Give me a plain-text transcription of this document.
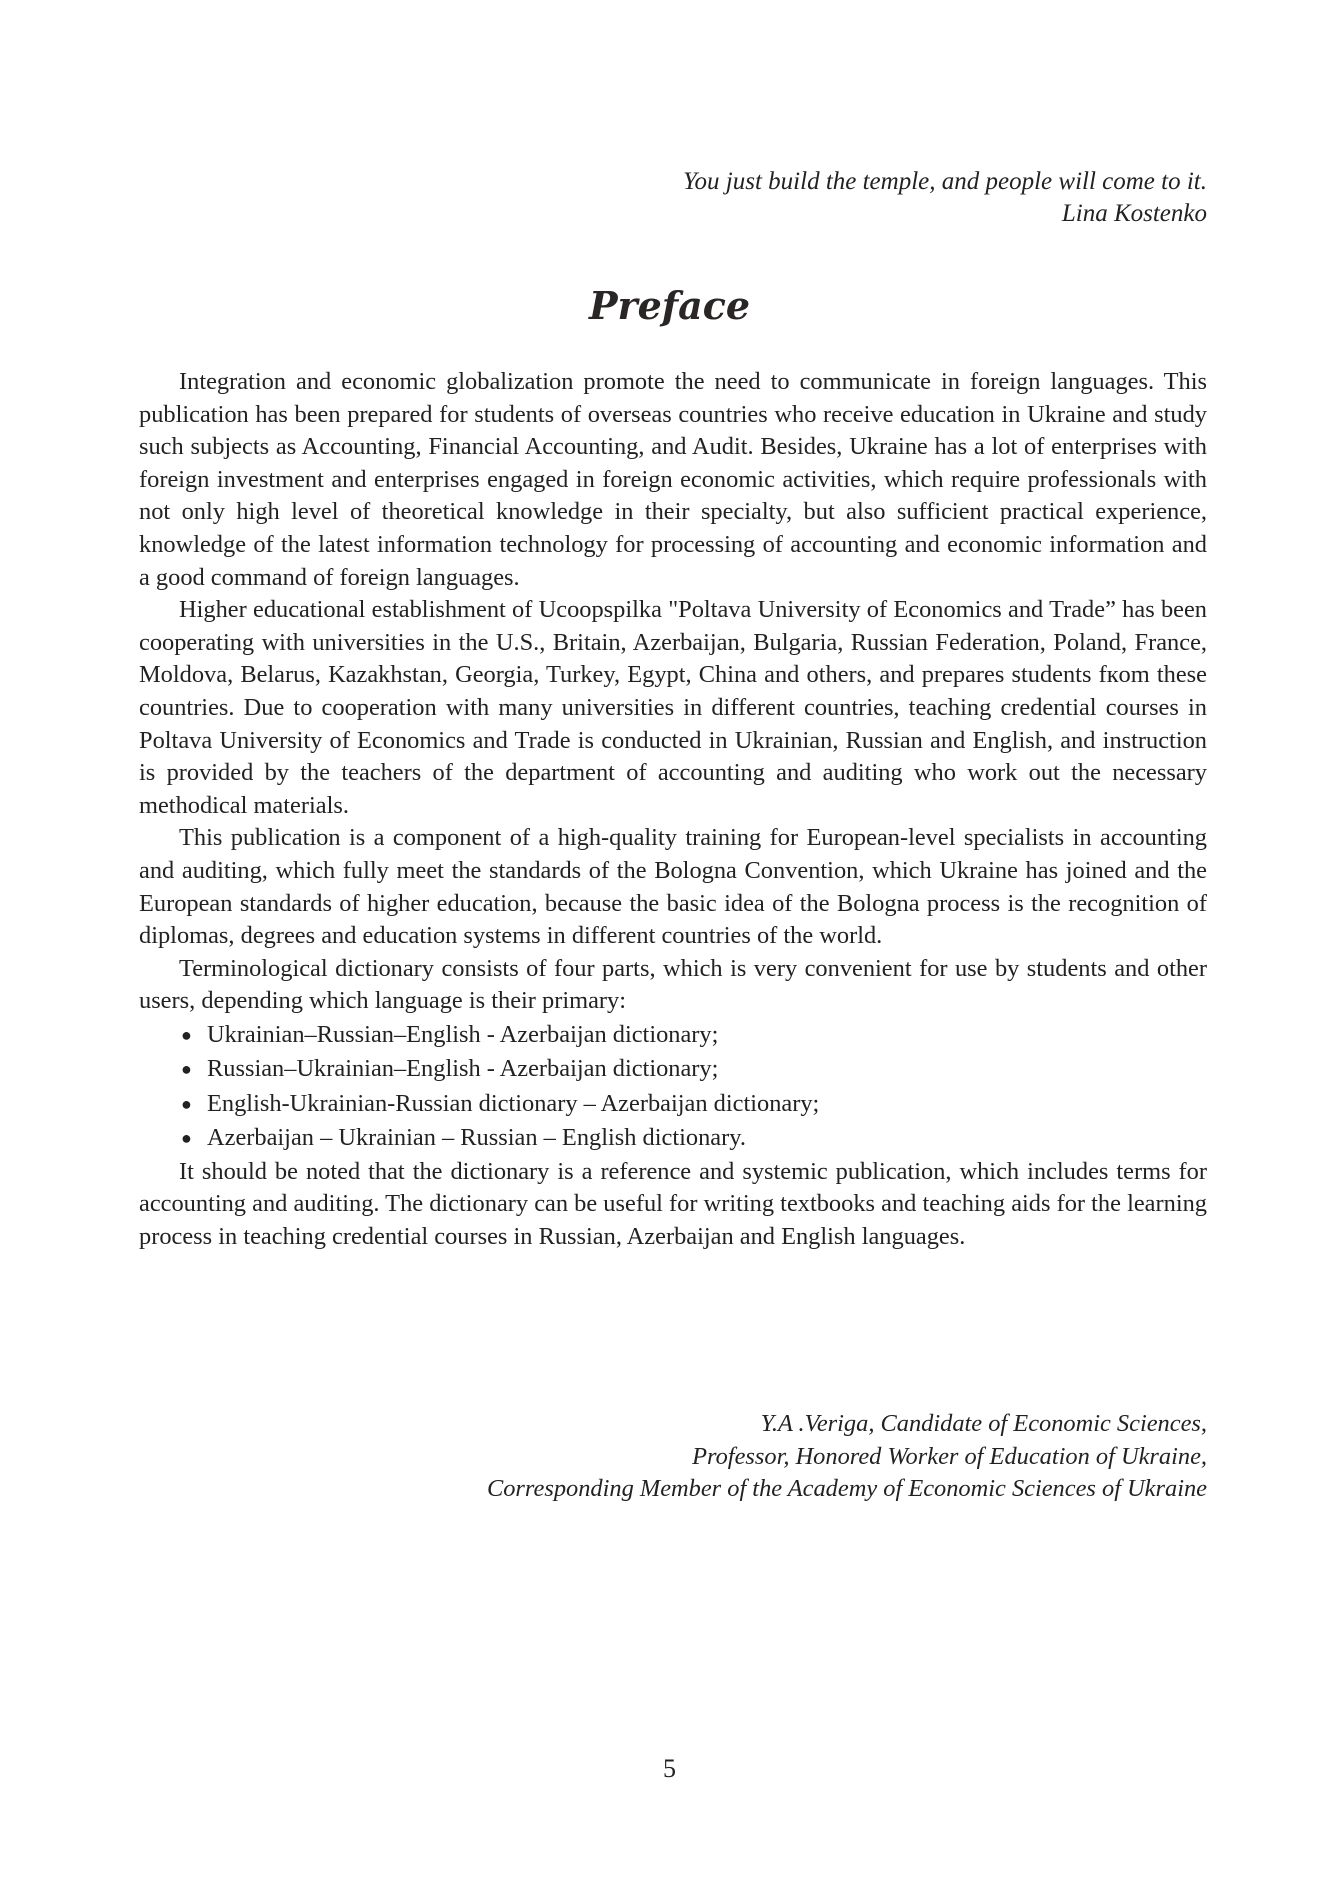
You just build the temple, and people will come to it.
Lina Kostenko
Preface

Integration and economic globalization promote the need to communicate in foreign languages. This publication has been prepared for students of overseas countries who receive education in Ukraine and study such subjects as Accounting, Financial Accounting, and Audit. Besides, Ukraine has a lot of enterprises with foreign investment and enterprises engaged in foreign economic activities, which require professionals with not only high level of theoretical knowledge in their specialty, but also sufficient practical experience, knowledge of the latest information technology for processing of accounting and economic information and a good command of foreign languages.

Higher educational establishment of Ucoopspilka "Poltava University of Economics and Trade” has been cooperating with universities in the U.S., Britain, Azerbaijan, Bulgaria, Russian Federation, Poland, France, Moldova, Belarus, Kazakhstan, Georgia, Turkey, Egypt, China and others, and prepares students fкom these countries. Due to cooperation with many universities in different countries, teaching credential courses in Poltava University of Economics and Trade is conducted in Ukrainian, Russian and English, and instruction is provided by the teachers of the department of accounting and auditing who work out the necessary methodical materials.

This publication is a component of a high-quality training for European-level specialists in accounting and auditing, which fully meet the standards of the Bologna Convention, which Ukraine has joined and the European standards of higher education, because the basic idea of the Bologna process is the recognition of diplomas, degrees and education systems in different countries of the world.

Terminological dictionary consists of four parts, which is very convenient for use by students and other users, depending which language is their primary:

● Ukrainian–Russian–English - Azerbaijan dictionary;
● Russian–Ukrainian–English - Azerbaijan dictionary;
● English-Ukrainian-Russian dictionary – Azerbaijan dictionary;
● Azerbaijan – Ukrainian – Russian – English dictionary.

It should be noted that the dictionary is a reference and systemic publication, which includes terms for accounting and auditing. The dictionary can be useful for writing textbooks and teaching aids for the learning process in teaching credential courses in Russian, Azerbaijan and English languages.

Y.A .Veriga, Candidate of Economic Sciences,
Professor, Honored Worker of Education of Ukraine,
Corresponding Member of the Academy of Economic Sciences of Ukraine
5
